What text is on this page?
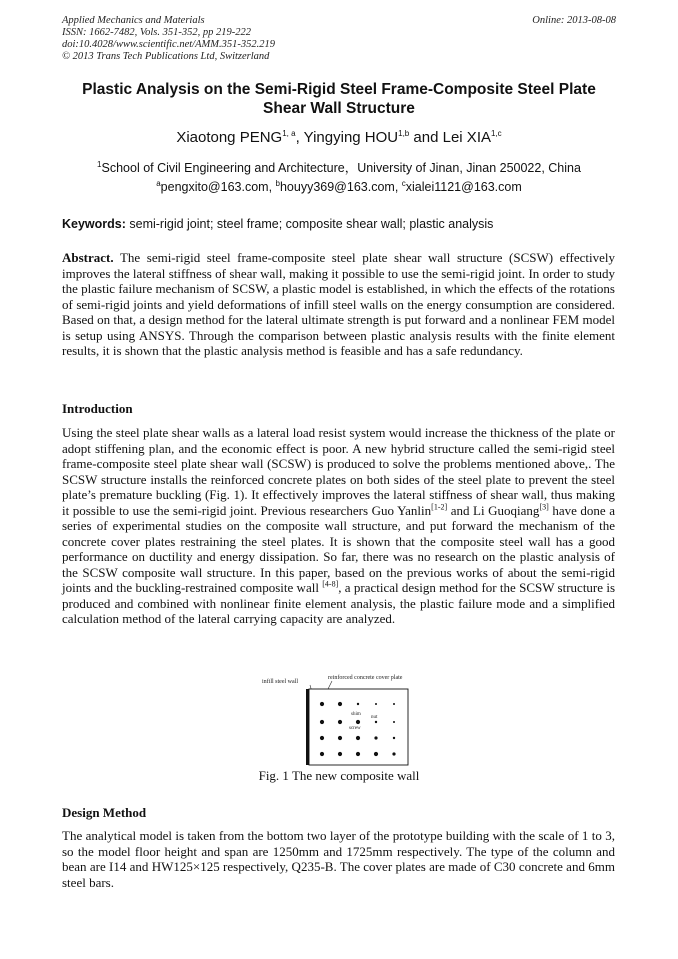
Applied Mechanics and Materials
ISSN: 1662-7482, Vols. 351-352, pp 219-222
doi:10.4028/www.scientific.net/AMM.351-352.219
© 2013 Trans Tech Publications Ltd, Switzerland
Online: 2013-08-08
Plastic Analysis on the Semi-Rigid Steel Frame-Composite Steel Plate Shear Wall Structure
Xiaotong PENG$^{1, a}$, Yingying HOU$^{1,b}$ and Lei XIA$^{1,c}$
$^1$School of Civil Engineering and Architecture，University of Jinan, Jinan 250022, China
$^a$pengxito@163.com, $^b$houyy369@163.com, $^c$xialei1121@163.com
Keywords: semi-rigid joint; steel frame; composite shear wall; plastic analysis
Abstract. The semi-rigid steel frame-composite steel plate shear wall structure (SCSW) effectively improves the lateral stiffness of shear wall, making it possible to use the semi-rigid joint. In order to study the plastic failure mechanism of SCSW, a plastic model is established, in which the effects of the rotations of semi-rigid joints and yield deformations of infill steel walls on the energy consumption are considered. Based on that, a design method for the lateral ultimate strength is put forward and a nonlinear FEM model is setup using ANSYS. Through the comparison between plastic analysis results with the finite element results, it is shown that the plastic analysis method is feasible and has a safe redundancy.
Introduction
Using the steel plate shear walls as a lateral load resist system would increase the thickness of the plate or adopt stiffening plan, and the economic effect is poor. A new hybrid structure called the semi-rigid steel frame-composite steel plate shear wall (SCSW) is produced to solve the problems mentioned above,. The SCSW structure installs the reinforced concrete plates on both sides of the steel plate to prevent the steel plate’s premature buckling (Fig. 1). It effectively improves the lateral stiffness of shear wall, thus making it possible to use the semi-rigid joint. Previous researchers Guo Yanlin[1-2] and Li Guoqiang[3] have done a series of experimental studies on the composite wall structure, and put forward the mechanism of the concrete cover plates restraining the steel plates. It is shown that the composite steel wall has a good performance on ductility and energy dissipation. So far, there was no research on the plastic analysis of the SCSW composite wall structure. In this paper, based on the previous works of about the semi-rigid joints and the buckling-restrained composite wall [4-8], a practical design method for the SCSW structure is produced and combined with nonlinear finite element analysis, the plastic failure mode and a simplified calculation method of the lateral carrying capacity are analyzed.
infill steel wall
reinforced concrete cover plate
shim
nut
screw
Fig. 1 The new composite wall
Design Method
The analytical model is taken from the bottom two layer of the prototype building with the scale of 1 to 3, so the model floor height and span are 1250mm and 1725mm respectively. The type of the column and bean are I14 and HW125×125 respectively, Q235-B. The cover plates are made of C30 concrete and 6mm steel bars.
